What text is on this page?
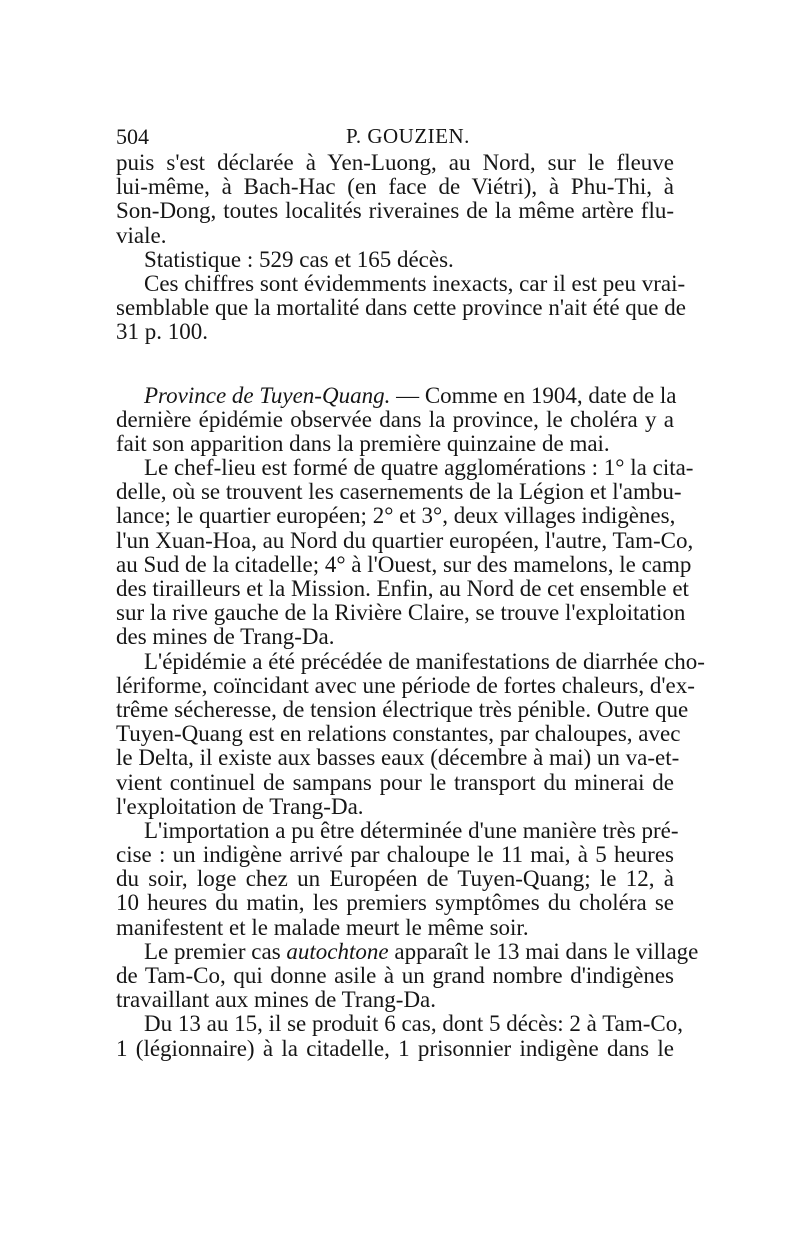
504	P. GOUZIEN.
puis s'est déclarée à Yen-Luong, au Nord, sur le fleuve
lui-même, à Bach-Hac (en face de Viétri), à Phu-Thi, à
Son-Dong, toutes localités riveraines de la même artère flu-
viale.
Statistique : 529 cas et 165 décès.
Ces chiffres sont évidemments inexacts, car il est peu vrai-
semblable que la mortalité dans cette province n'ait été que de
31 p. 100.
Province de Tuyen-Quang. — Comme en 1904, date de la
dernière épidémie observée dans la province, le choléra y a
fait son apparition dans la première quinzaine de mai.
Le chef-lieu est formé de quatre agglomérations : 1° la cita-
delle, où se trouvent les casernements de la Légion et l'ambu-
lance; le quartier européen; 2° et 3°, deux villages indigènes,
l'un Xuan-Hoa, au Nord du quartier européen, l'autre, Tam-Co,
au Sud de la citadelle; 4° à l'Ouest, sur des mamelons, le camp
des tirailleurs et la Mission. Enfin, au Nord de cet ensemble et
sur la rive gauche de la Rivière Claire, se trouve l'exploitation
des mines de Trang-Da.
L'épidémie a été précédée de manifestations de diarrhée cho-
lériforme, coïncidant avec une période de fortes chaleurs, d'ex-
trême sécheresse, de tension électrique très pénible. Outre que
Tuyen-Quang est en relations constantes, par chaloupes, avec
le Delta, il existe aux basses eaux (décembre à mai) un va-et-
vient continuel de sampans pour le transport du minerai de
l'exploitation de Trang-Da.
L'importation a pu être déterminée d'une manière très pré-
cise : un indigène arrivé par chaloupe le 11 mai, à 5 heures
du soir, loge chez un Européen de Tuyen-Quang; le 12, à
10 heures du matin, les premiers symptômes du choléra se
manifestent et le malade meurt le même soir.
Le premier cas autochtone apparaît le 13 mai dans le village
de Tam-Co, qui donne asile à un grand nombre d'indigènes
travaillant aux mines de Trang-Da.
Du 13 au 15, il se produit 6 cas, dont 5 décès: 2 à Tam-Co,
1 (légionnaire) à la citadelle, 1 prisonnier indigène dans le
